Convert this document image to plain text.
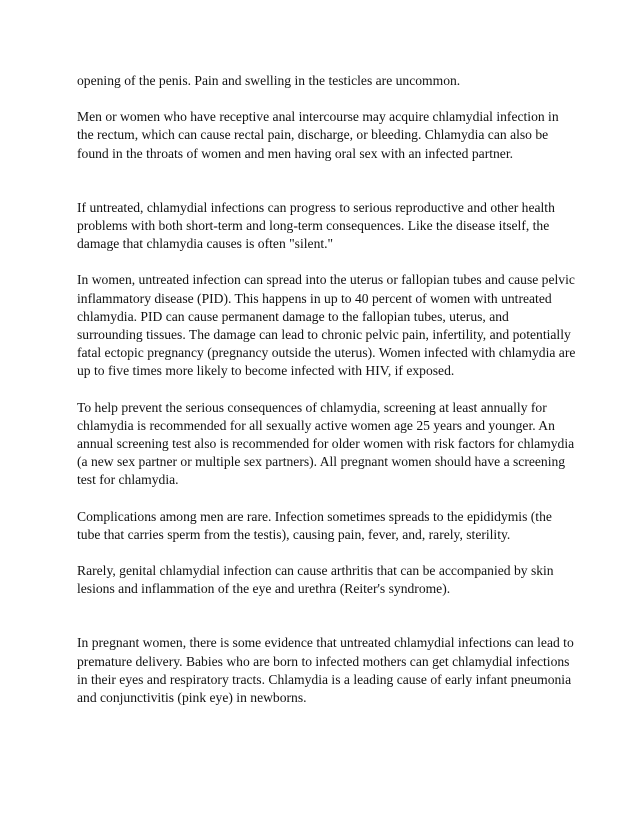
opening of the penis. Pain and swelling in the testicles are uncommon.

Men or women who have receptive anal intercourse may acquire chlamydial infection in the rectum, which can cause rectal pain, discharge, or bleeding. Chlamydia can also be found in the throats of women and men having oral sex with an infected partner.

If untreated, chlamydial infections can progress to serious reproductive and other health problems with both short-term and long-term consequences. Like the disease itself, the damage that chlamydia causes is often "silent."

In women, untreated infection can spread into the uterus or fallopian tubes and cause pelvic inflammatory disease (PID). This happens in up to 40 percent of women with untreated chlamydia. PID can cause permanent damage to the fallopian tubes, uterus, and surrounding tissues. The damage can lead to chronic pelvic pain, infertility, and potentially fatal ectopic pregnancy (pregnancy outside the uterus). Women infected with chlamydia are up to five times more likely to become infected with HIV, if exposed.

To help prevent the serious consequences of chlamydia, screening at least annually for chlamydia is recommended for all sexually active women age 25 years and younger. An annual screening test also is recommended for older women with risk factors for chlamydia (a new sex partner or multiple sex partners). All pregnant women should have a screening test for chlamydia.

Complications among men are rare. Infection sometimes spreads to the epididymis (the tube that carries sperm from the testis), causing pain, fever, and, rarely, sterility.

Rarely, genital chlamydial infection can cause arthritis that can be accompanied by skin lesions and inflammation of the eye and urethra (Reiter's syndrome).

In pregnant women, there is some evidence that untreated chlamydial infections can lead to premature delivery. Babies who are born to infected mothers can get chlamydial infections in their eyes and respiratory tracts. Chlamydia is a leading cause of early infant pneumonia and conjunctivitis (pink eye) in newborns.
